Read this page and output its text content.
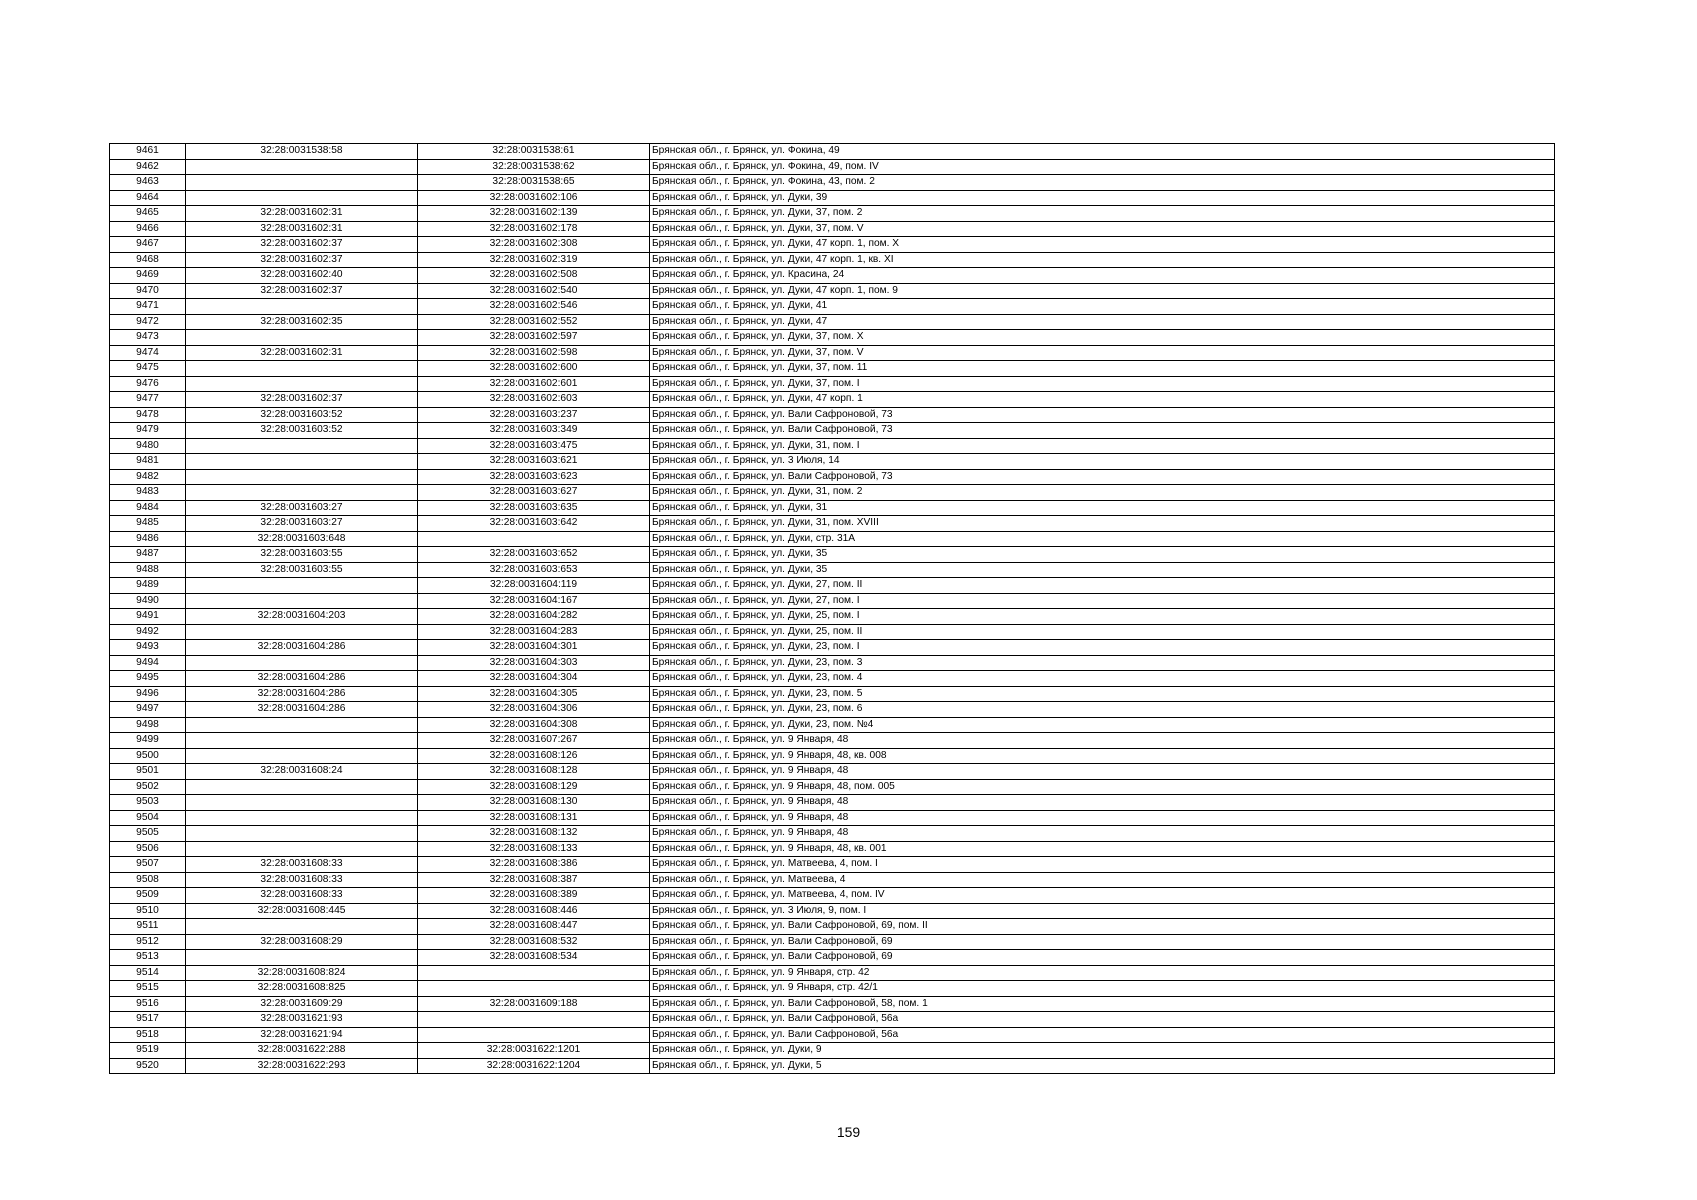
9461	32:28:0031538:58	32:28:0031538:61	Брянская обл., г. Брянск, ул. Фокина, 49
9462		32:28:0031538:62	Брянская обл., г. Брянск, ул. Фокина, 49, пом. IV
9463		32:28:0031538:65	Брянская обл., г. Брянск, ул. Фокина, 43, пом. 2
9464		32:28:0031602:106	Брянская обл., г. Брянск, ул. Дуки, 39
9465	32:28:0031602:31	32:28:0031602:139	Брянская обл., г. Брянск, ул. Дуки, 37, пом. 2
9466	32:28:0031602:31	32:28:0031602:178	Брянская обл., г. Брянск, ул. Дуки, 37, пом. V
9467	32:28:0031602:37	32:28:0031602:308	Брянская обл., г. Брянск, ул. Дуки, 47 корп. 1, пом. X
9468	32:28:0031602:37	32:28:0031602:319	Брянская обл., г. Брянск, ул. Дуки, 47 корп. 1, кв. XI
9469	32:28:0031602:40	32:28:0031602:508	Брянская обл., г. Брянск, ул. Красина, 24
9470	32:28:0031602:37	32:28:0031602:540	Брянская обл., г. Брянск, ул. Дуки, 47 корп. 1, пом. 9
9471		32:28:0031602:546	Брянская обл., г. Брянск, ул. Дуки, 41
9472	32:28:0031602:35	32:28:0031602:552	Брянская обл., г. Брянск, ул. Дуки, 47
9473		32:28:0031602:597	Брянская обл., г. Брянск, ул. Дуки, 37, пом. X
9474	32:28:0031602:31	32:28:0031602:598	Брянская обл., г. Брянск, ул. Дуки, 37, пом. V
9475		32:28:0031602:600	Брянская обл., г. Брянск, ул. Дуки, 37, пом. 11
9476		32:28:0031602:601	Брянская обл., г. Брянск, ул. Дуки, 37, пом. I
9477	32:28:0031602:37	32:28:0031602:603	Брянская обл., г. Брянск, ул. Дуки, 47 корп. 1
9478	32:28:0031603:52	32:28:0031603:237	Брянская обл., г. Брянск, ул. Вали Сафроновой, 73
9479	32:28:0031603:52	32:28:0031603:349	Брянская обл., г. Брянск, ул. Вали Сафроновой, 73
9480		32:28:0031603:475	Брянская обл., г. Брянск, ул. Дуки, 31, пом. I
9481		32:28:0031603:621	Брянская обл., г. Брянск, ул. 3 Июля, 14
9482		32:28:0031603:623	Брянская обл., г. Брянск, ул. Вали Сафроновой, 73
9483		32:28:0031603:627	Брянская обл., г. Брянск, ул. Дуки, 31, пом. 2
9484	32:28:0031603:27	32:28:0031603:635	Брянская обл., г. Брянск, ул. Дуки, 31
9485	32:28:0031603:27	32:28:0031603:642	Брянская обл., г. Брянск, ул. Дуки, 31, пом. XVIII
9486	32:28:0031603:648		Брянская обл., г. Брянск, ул. Дуки, стр. 31А
9487	32:28:0031603:55	32:28:0031603:652	Брянская обл., г. Брянск, ул. Дуки, 35
9488	32:28:0031603:55	32:28:0031603:653	Брянская обл., г. Брянск, ул. Дуки, 35
9489		32:28:0031604:119	Брянская обл., г. Брянск, ул. Дуки, 27, пом. II
9490		32:28:0031604:167	Брянская обл., г. Брянск, ул. Дуки, 27, пом. I
9491	32:28:0031604:203	32:28:0031604:282	Брянская обл., г. Брянск, ул. Дуки, 25, пом. I
9492		32:28:0031604:283	Брянская обл., г. Брянск, ул. Дуки, 25, пом. II
9493	32:28:0031604:286	32:28:0031604:301	Брянская обл., г. Брянск, ул. Дуки, 23, пом. I
9494		32:28:0031604:303	Брянская обл., г. Брянск, ул. Дуки, 23, пом. 3
9495	32:28:0031604:286	32:28:0031604:304	Брянская обл., г. Брянск, ул. Дуки, 23, пом. 4
9496	32:28:0031604:286	32:28:0031604:305	Брянская обл., г. Брянск, ул. Дуки, 23, пом. 5
9497	32:28:0031604:286	32:28:0031604:306	Брянская обл., г. Брянск, ул. Дуки, 23, пом. 6
9498		32:28:0031604:308	Брянская обл., г. Брянск, ул. Дуки, 23, пом. №4
9499		32:28:0031607:267	Брянская обл., г. Брянск, ул. 9 Января, 48
9500		32:28:0031608:126	Брянская обл., г. Брянск, ул. 9 Января, 48, кв. 008
9501	32:28:0031608:24	32:28:0031608:128	Брянская обл., г. Брянск, ул. 9 Января, 48
9502		32:28:0031608:129	Брянская обл., г. Брянск, ул. 9 Января, 48, пом. 005
9503		32:28:0031608:130	Брянская обл., г. Брянск, ул. 9 Января, 48
9504		32:28:0031608:131	Брянская обл., г. Брянск, ул. 9 Января, 48
9505		32:28:0031608:132	Брянская обл., г. Брянск, ул. 9 Января, 48
9506		32:28:0031608:133	Брянская обл., г. Брянск, ул. 9 Января, 48, кв. 001
9507	32:28:0031608:33	32:28:0031608:386	Брянская обл., г. Брянск, ул. Матвеева, 4, пом. I
9508	32:28:0031608:33	32:28:0031608:387	Брянская обл., г. Брянск, ул. Матвеева, 4
9509	32:28:0031608:33	32:28:0031608:389	Брянская обл., г. Брянск, ул. Матвеева, 4, пом. IV
9510	32:28:0031608:445	32:28:0031608:446	Брянская обл., г. Брянск, ул. 3 Июля, 9, пом. I
9511		32:28:0031608:447	Брянская обл., г. Брянск, ул. Вали Сафроновой, 69, пом. II
9512	32:28:0031608:29	32:28:0031608:532	Брянская обл., г. Брянск, ул. Вали Сафроновой, 69
9513		32:28:0031608:534	Брянская обл., г. Брянск, ул. Вали Сафроновой, 69
9514	32:28:0031608:824		Брянская обл., г. Брянск, ул. 9 Января, стр. 42
9515	32:28:0031608:825		Брянская обл., г. Брянск, ул. 9 Января, стр. 42/1
9516	32:28:0031609:29	32:28:0031609:188	Брянская обл., г. Брянск, ул. Вали Сафроновой, 58, пом. 1
9517	32:28:0031621:93		Брянская обл., г. Брянск, ул. Вали Сафроновой, 56а
9518	32:28:0031621:94		Брянская обл., г. Брянск, ул. Вали Сафроновой, 56а
9519	32:28:0031622:288	32:28:0031622:1201	Брянская обл., г. Брянск, ул. Дуки, 9
9520	32:28:0031622:293	32:28:0031622:1204	Брянская обл., г. Брянск, ул. Дуки, 5
159
